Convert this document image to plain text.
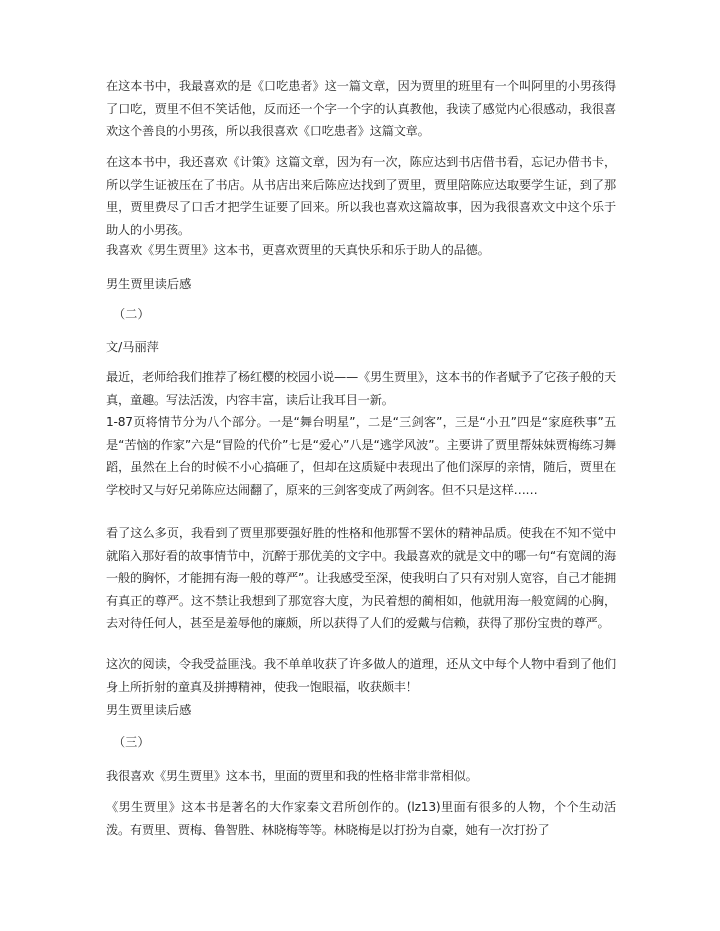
在这本书中，我最喜欢的是《口吃患者》这一篇文章，因为贾里的班里有一个叫阿里的小男孩得了口吃，贾里不但不笑话他，反而还一个字一个字的认真教他，我读了感觉内心很感动，我很喜欢这个善良的小男孩，所以我很喜欢《口吃患者》这篇文章。

在这本书中，我还喜欢《计策》这篇文章，因为有一次，陈应达到书店借书看，忘记办借书卡，所以学生证被压在了书店。从书店出来后陈应达找到了贾里，贾里陪陈应达取要学生证，到了那里，贾里费尽了口舌才把学生证要了回来。所以我也喜欢这篇故事，因为我很喜欢文中这个乐于助人的小男孩。

我喜欢《男生贾里》这本书，更喜欢贾里的天真快乐和乐于助人的品德。

男生贾里读后感

（二）

文/马丽萍

最近，老师给我们推荐了杨红樱的校园小说——《男生贾里》，这本书的作者赋予了它孩子般的天真，童趣。写法活泼，内容丰富，读后让我耳目一新。

1-87页将情节分为八个部分。一是“舞台明星”，二是“三剑客”，三是“小丑”四是“家庭秩事”五是“苦恼的作家”六是“冒险的代价”七是“爱心”八是“逃学风波”。主要讲了贾里帮妹妹贾梅练习舞蹈，虽然在上台的时候不小心搞砸了，但却在这质疑中表现出了他们深厚的亲情，随后，贾里在学校时又与好兄弟陈应达闹翻了，原来的三剑客变成了两剑客。但不只是这样……

看了这么多页，我看到了贾里那要强好胜的性格和他那誓不罢休的精神品质。使我在不知不觉中就陷入那好看的故事情节中，沉醉于那优美的文字中。我最喜欢的就是文中的哪一句“有宽阔的海一般的胸怀，才能拥有海一般的尊严”。让我感受至深，使我明白了只有对别人宽容，自己才能拥有真正的尊严。这不禁让我想到了那宽容大度，为民着想的蔺相如，他就用海一般宽阔的心胸，去对待任何人，甚至是羞辱他的廉颇，所以获得了人们的爱戴与信赖，获得了那份宝贵的尊严。

这次的阅读，令我受益匪浅。我不单单收获了许多做人的道理，还从文中每个人物中看到了他们身上所折射的童真及拼搏精神，使我一饱眼福，收获颇丰！

男生贾里读后感

（三）

我很喜欢《男生贾里》这本书，里面的贾里和我的性格非常非常相似。

《男生贾里》这本书是著名的大作家秦文君所创作的。(lz13)里面有很多的人物，个个生动活泼。有贾里、贾梅、鲁智胜、林晓梅等等。林晓梅是以打扮为自豪，她有一次打扮了
